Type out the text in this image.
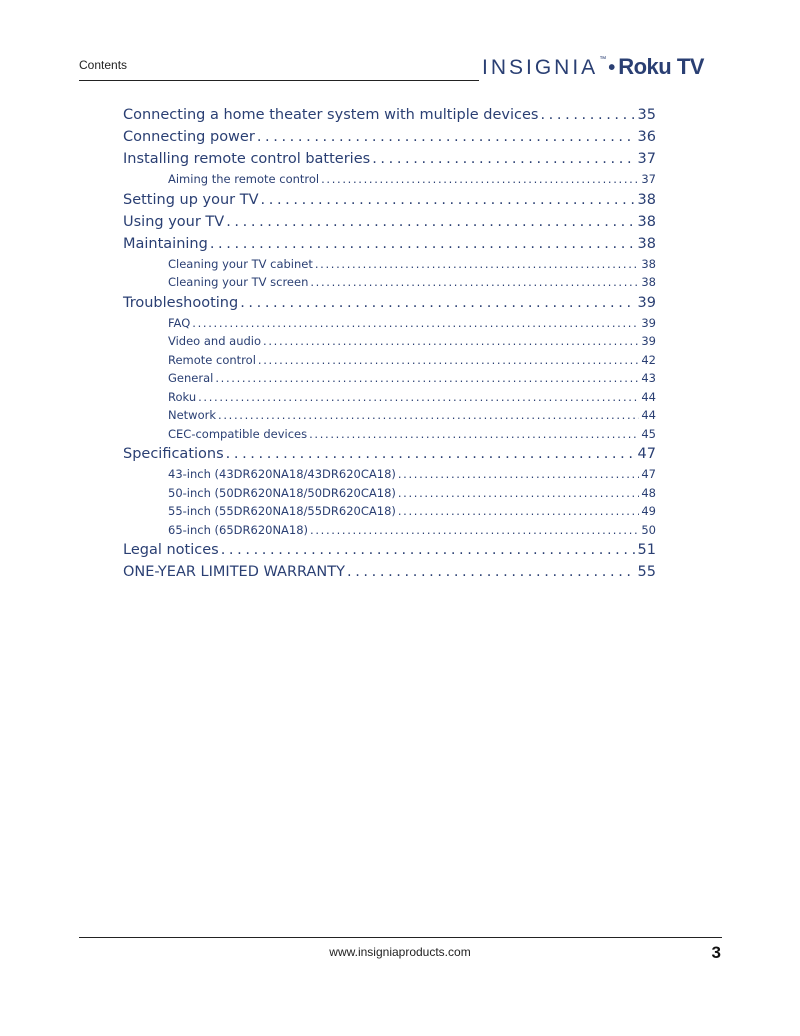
Contents	INSIGNIA™ • Roku TV
Connecting a home theater system with multiple devices . . .	35
Connecting power . . .	36
Installing remote control batteries . . .	37
Aiming the remote control . . .	37
Setting up your TV . . .	38
Using your TV . . .	38
Maintaining . . .	38
Cleaning your TV cabinet . . .	38
Cleaning your TV screen . . .	38
Troubleshooting . . .	39
FAQ . . .	39
Video and audio . . .	39
Remote control . . .	42
General . . .	43
Roku . . .	44
Network . . .	44
CEC-compatible devices . . .	45
Specifications . . .	47
43-inch (43DR620NA18/43DR620CA18) . . .	47
50-inch (50DR620NA18/50DR620CA18) . . .	48
55-inch (55DR620NA18/55DR620CA18) . . .	49
65-inch (65DR620NA18) . . .	50
Legal notices . . .	51
ONE-YEAR LIMITED WARRANTY . . .	55
www.insigniaproducts.com	3
